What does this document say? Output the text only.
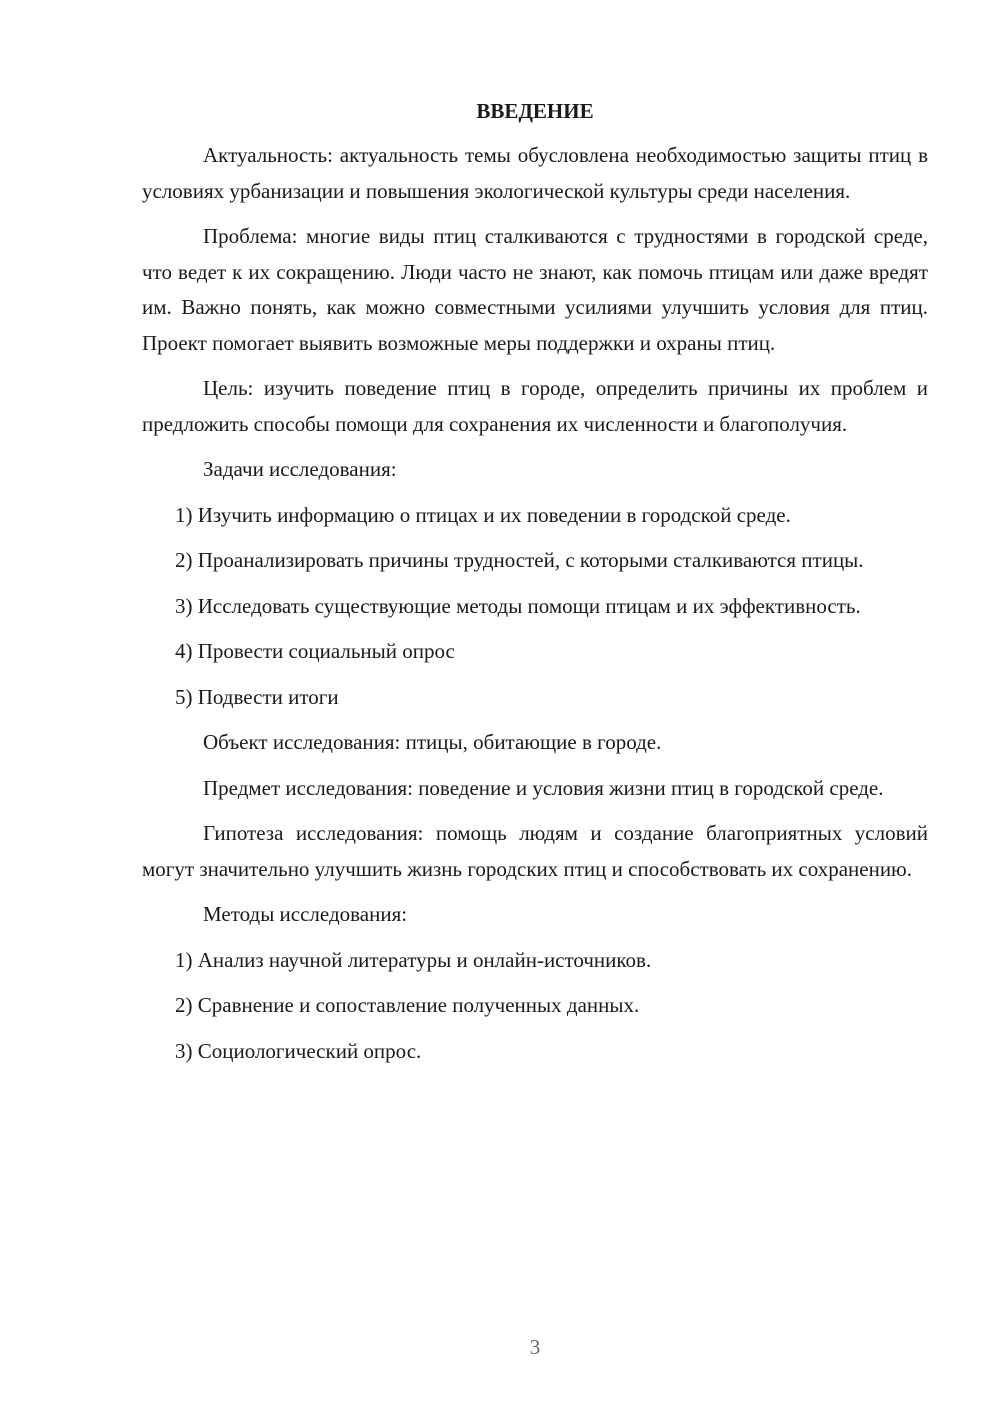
ВВЕДЕНИЕ

Актуальность: актуальность темы обусловлена необходимостью защиты птиц в условиях урбанизации и повышения экологической культуры среди населения.

Проблема: многие виды птиц сталкиваются с трудностями в городской среде, что ведет к их сокращению. Люди часто не знают, как помочь птицам или даже вредят им. Важно понять, как можно совместными усилиями улучшить условия для птиц. Проект помогает выявить возможные меры поддержки и охраны птиц.

Цель: изучить поведение птиц в городе, определить причины их проблем и предложить способы помощи для сохранения их численности и благополучия.

Задачи исследования:

1) Изучить информацию о птицах и их поведении в городской среде.

2) Проанализировать причины трудностей, с которыми сталкиваются птицы.

3) Исследовать существующие методы помощи птицам и их эффективность.

4) Провести социальный опрос

5) Подвести итоги

Объект исследования: птицы, обитающие в городе.

Предмет исследования: поведение и условия жизни птиц в городской среде.

Гипотеза исследования: помощь людям и создание благоприятных условий могут значительно улучшить жизнь городских птиц и способствовать их сохранению.

Методы исследования:

1) Анализ научной литературы и онлайн-источников.

2) Сравнение и сопоставление полученных данных.

3) Социологический опрос.

3
